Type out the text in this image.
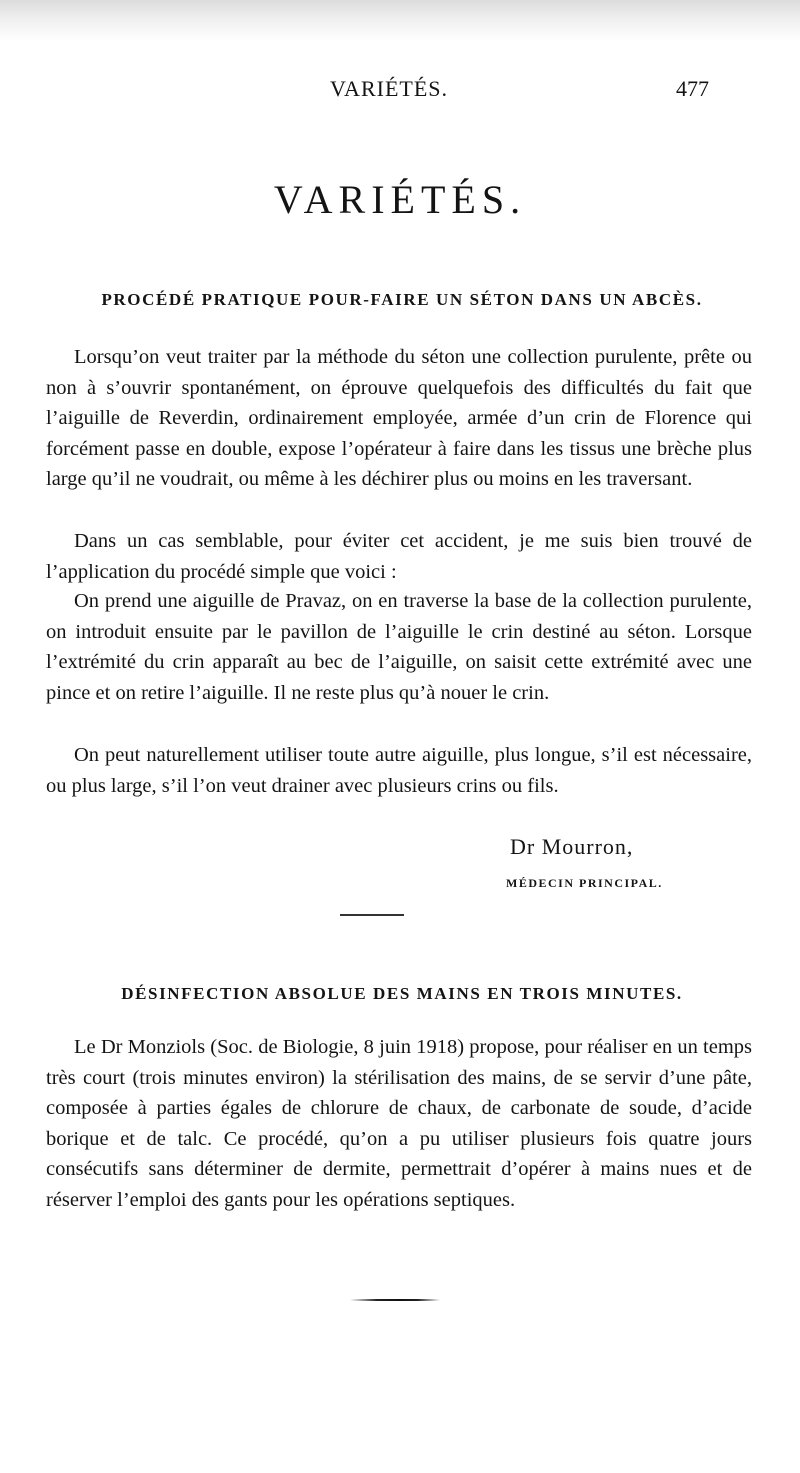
VARIÉTÉS.	477
VARIÉTÉS.
PROCÉDÉ PRATIQUE POUR-FAIRE UN SÉTON DANS UN ABCÈS.

Lorsqu’on veut traiter par la méthode du séton une collection purulente, prête ou non à s’ouvrir spontanément, on éprouve quelquefois des difficultés du fait que l’aiguille de Reverdin, ordinairement employée, armée d’un crin de Florence qui forcément passe en double, expose l’opérateur à faire dans les tissus une brèche plus large qu’il ne voudrait, ou même à les déchirer plus ou moins en les traversant.

Dans un cas semblable, pour éviter cet accident, je me suis bien trouvé de l’application du procédé simple que voici :

On prend une aiguille de Pravaz, on en traverse la base de la collection purulente, on introduit ensuite par le pavillon de l’aiguille le crin destiné au séton. Lorsque l’extrémité du crin apparaît au bec de l’aiguille, on saisit cette extrémité avec une pince et on retire l’aiguille. Il ne reste plus qu’à nouer le crin.

On peut naturellement utiliser toute autre aiguille, plus longue, s’il est nécessaire, ou plus large, s’il l’on veut drainer avec plusieurs crins ou fils.

Dr Mourron,
MÉDECIN PRINCIPAL.
DÉSINFECTION ABSOLUE DES MAINS EN TROIS MINUTES.

Le Dr Monziols (Soc. de Biologie, 8 juin 1918) propose, pour réaliser en un temps très court (trois minutes environ) la stérilisation des mains, de se servir d’une pâte, composée à parties égales de chlorure de chaux, de carbonate de soude, d’acide borique et de talc. Ce procédé, qu’on a pu utiliser plusieurs fois quatre jours consécutifs sans déterminer de dermite, permettrait d’opérer à mains nues et de réserver l’emploi des gants pour les opérations septiques.
